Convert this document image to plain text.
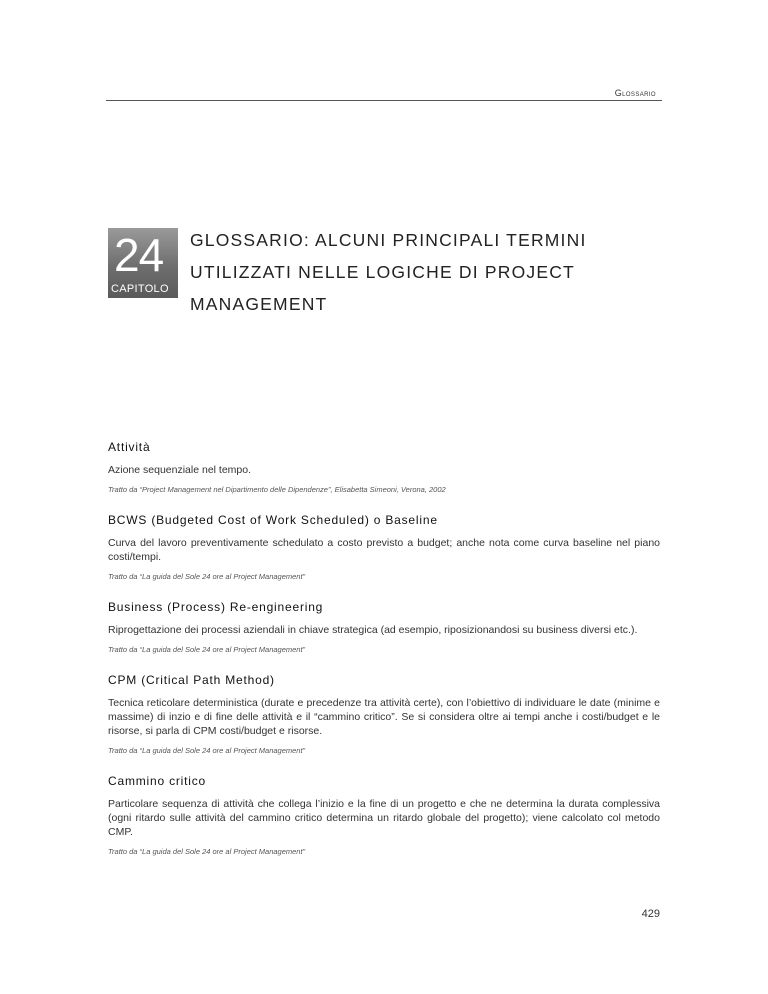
Glossario
24
CAPITOLO
GLOSSARIO: ALCUNI PRINCIPALI TERMINI UTILIZZATI NELLE LOGICHE DI PROJECT MANAGEMENT
Attività

Azione sequenziale nel tempo.

Tratto da “Project Management nel Dipartimento delle Dipendenze”, Elisabetta Simeoni, Verona, 2002

BCWS (Budgeted Cost of Work Scheduled) o Baseline

Curva del lavoro preventivamente schedulato a costo previsto a budget; anche nota come curva baseline nel piano costi/tempi.

Tratto da “La guida del Sole 24 ore al Project Management”

Business (Process) Re-engineering

Riprogettazione dei processi aziendali in chiave strategica (ad esempio, riposizionandosi su business diversi etc.).

Tratto da “La guida del Sole 24 ore al Project Management”

CPM (Critical Path Method)

Tecnica reticolare deterministica (durate e precedenze tra attività certe), con l’obiettivo di individuare le date (minime e massime) di inzio e di fine delle attività e il “cammino critico”. Se si considera oltre ai tempi anche i costi/budget e le risorse, si parla di CPM costi/budget e risorse.

Tratto da “La guida del Sole 24 ore al Project Management”

Cammino critico

Particolare sequenza di attività che collega l’inizio e la fine di un progetto e che ne determina la durata complessiva (ogni ritardo sulle attività del cammino critico determina un ritardo globale del progetto); viene calcolato col metodo CMP.

Tratto da “La guida del Sole 24 ore al Project Management”

429
